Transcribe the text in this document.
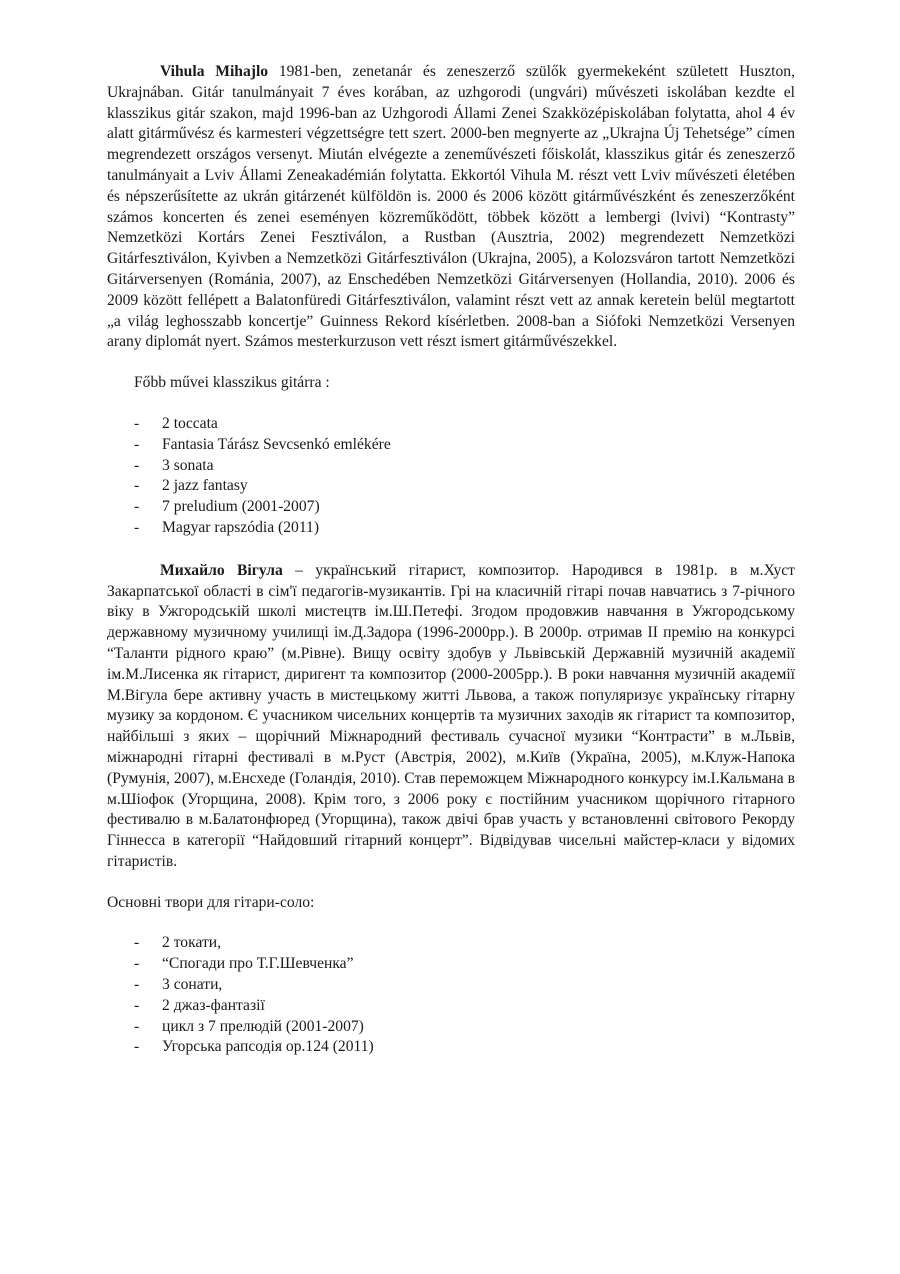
Vihula Mihajlo 1981-ben, zenetanár és zeneszerző szülők gyermekeként született Huszton, Ukrajnában. Gitár tanulmányait 7 éves korában, az uzhgorodi (ungvári) művészeti iskolában kezdte el klasszikus gitár szakon, majd 1996-ban az Uzhgorodi Állami Zenei Szakközépiskolában folytatta, ahol 4 év alatt gitárművész és karmesteri végzettségre tett szert. 2000-ben megnyerte az „Ukrajna Új Tehetsége” címen megrendezett országos versenyt. Miután elvégezte a zeneművészeti főiskolát, klasszikus gitár és zeneszerző tanulmányait a Lviv Állami Zeneakadémián folytatta. Ekkortól Vihula M. részt vett Lviv művészeti életében és népszerűsítette az ukrán gitárzenét külföldön is. 2000 és 2006 között gitárművészként és zeneszerzőként számos koncerten és zenei eseményen közreműködött, többek között a lembergi (lvivi) “Kontrasty” Nemzetközi Kortárs Zenei Fesztiválon, a Rustban (Ausztria, 2002) megrendezett Nemzetközi Gitárfesztiválon, Kyivben a Nemzetközi Gitárfesztiválon (Ukrajna, 2005), a Kolozsváron tartott Nemzetközi Gitárversenyen (Románia, 2007), az Enschedében Nemzetközi Gitárversenyen (Hollandia, 2010). 2006 és 2009 között fellépett a Balatonfüredi Gitárfesztiválon, valamint részt vett az annak keretein belül megtartott „a világ leghosszabb koncertje” Guinness Rekord kísérletben. 2008-ban a Siófoki Nemzetközi Versenyen arany diplomát nyert. Számos mesterkurzuson vett részt ismert gitárművészekkel.

Főbb művei klasszikus gitárra :

-	2 toccata
-	Fantasia Tárász Sevcsenkó emlékére
-	3 sonata
-	2 jazz fantasy
-	7 preludium (2001-2007)
-	Magyar rapszódia (2011)

Михайло Вігула – український гітарист, композитор. Народився в 1981р. в м.Хуст Закарпатської області в сім'ї педагогів-музикантів. Грі на класичній гітарі почав навчатись з 7-річного віку в Ужгородській школі мистецтв ім.Ш.Петефі. Згодом продовжив навчання в Ужгородському державному музичному училищі ім.Д.Задора (1996-2000рр.). В 2000р. отримав ІІ премію на конкурсі “Таланти рідного краю” (м.Рівне). Вищу освіту здобув у Львівській Державній музичній академії ім.М.Лисенка як гітарист, диригент та композитор (2000-2005рр.). В роки навчання музичній академії М.Вігула бере активну участь в мистецькому житті Львова, а також популяризує українську гітарну музику за кордоном. Є учасником чисельних концертів та музичних заходів як гітарист та композитор, найбільші з яких – щорічний Міжнародний фестиваль сучасної музики “Контрасти” в м.Львів, міжнародні гітарні фестивалі в м.Руст (Австрія, 2002), м.Київ (Україна, 2005), м.Клуж-Напока (Румунія, 2007), м.Енсхеде (Голандія, 2010). Став переможцем Міжнародного конкурсу ім.І.Кальмана в м.Шіофок (Угорщина, 2008). Крім того, з 2006 року є постійним учасником щорічного гітарного фестивалю в м.Балатонфюред (Угорщина), також двічі брав участь у встановленні світового Рекорду Гіннесса в категорії “Найдовший гітарний концерт”. Відвідував чисельні майстер-класи у відомих гітаристів.

Основні твори для гітари-соло:

-	2 токати,
-	“Спогади про Т.Г.Шевченка”
-	3 сонати,
-	2 джаз-фантазії
-	цикл з 7 прелюдій (2001-2007)
-	Угорська рапсодія ор.124 (2011)
